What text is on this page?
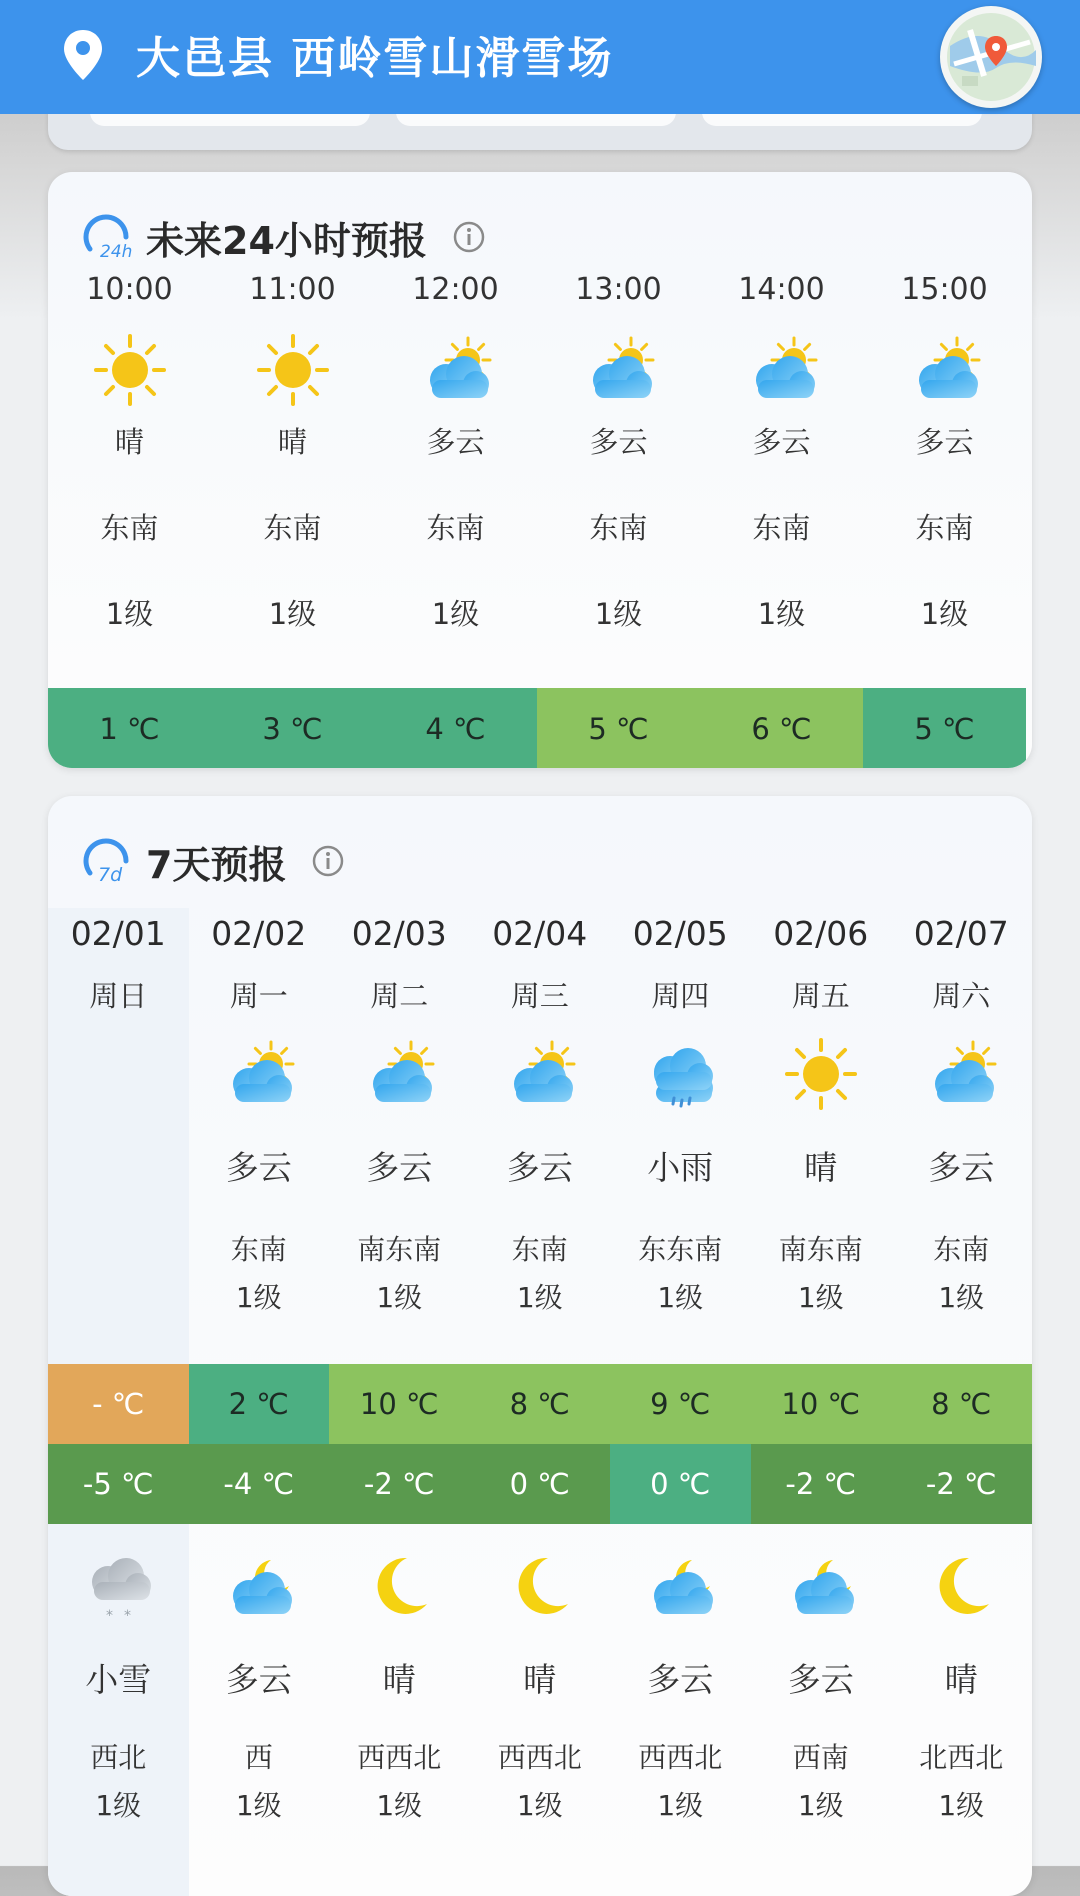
大邑县 西岭雪山滑雪场
24h 未来24小时预报
10:00
晴
东南
1级
1 ℃
11:00
晴
东南
1级
3 ℃
12:00
多云
东南
1级
4 ℃
13:00
多云
东南
1级
5 ℃
14:00
多云
东南
1级
6 ℃
15:00
多云
东南
1级
5 ℃
7d 7天预报
02/01
周日
- ℃
-5 ℃
* *
小雪
西北
1级
02/02
周一
多云
东南
1级
2 ℃
-4 ℃
多云
西
1级
02/03
周二
多云
南东南
1级
10 ℃
-2 ℃
晴
西西北
1级
02/04
周三
多云
东南
1级
8 ℃
0 ℃
晴
西西北
1级
02/05
周四
小雨
东东南
1级
9 ℃
0 ℃
多云
西西北
1级
02/06
周五
晴
南东南
1级
10 ℃
-2 ℃
多云
西南
1级
02/07
周六
多云
东南
1级
8 ℃
-2 ℃
晴
北西北
1级
